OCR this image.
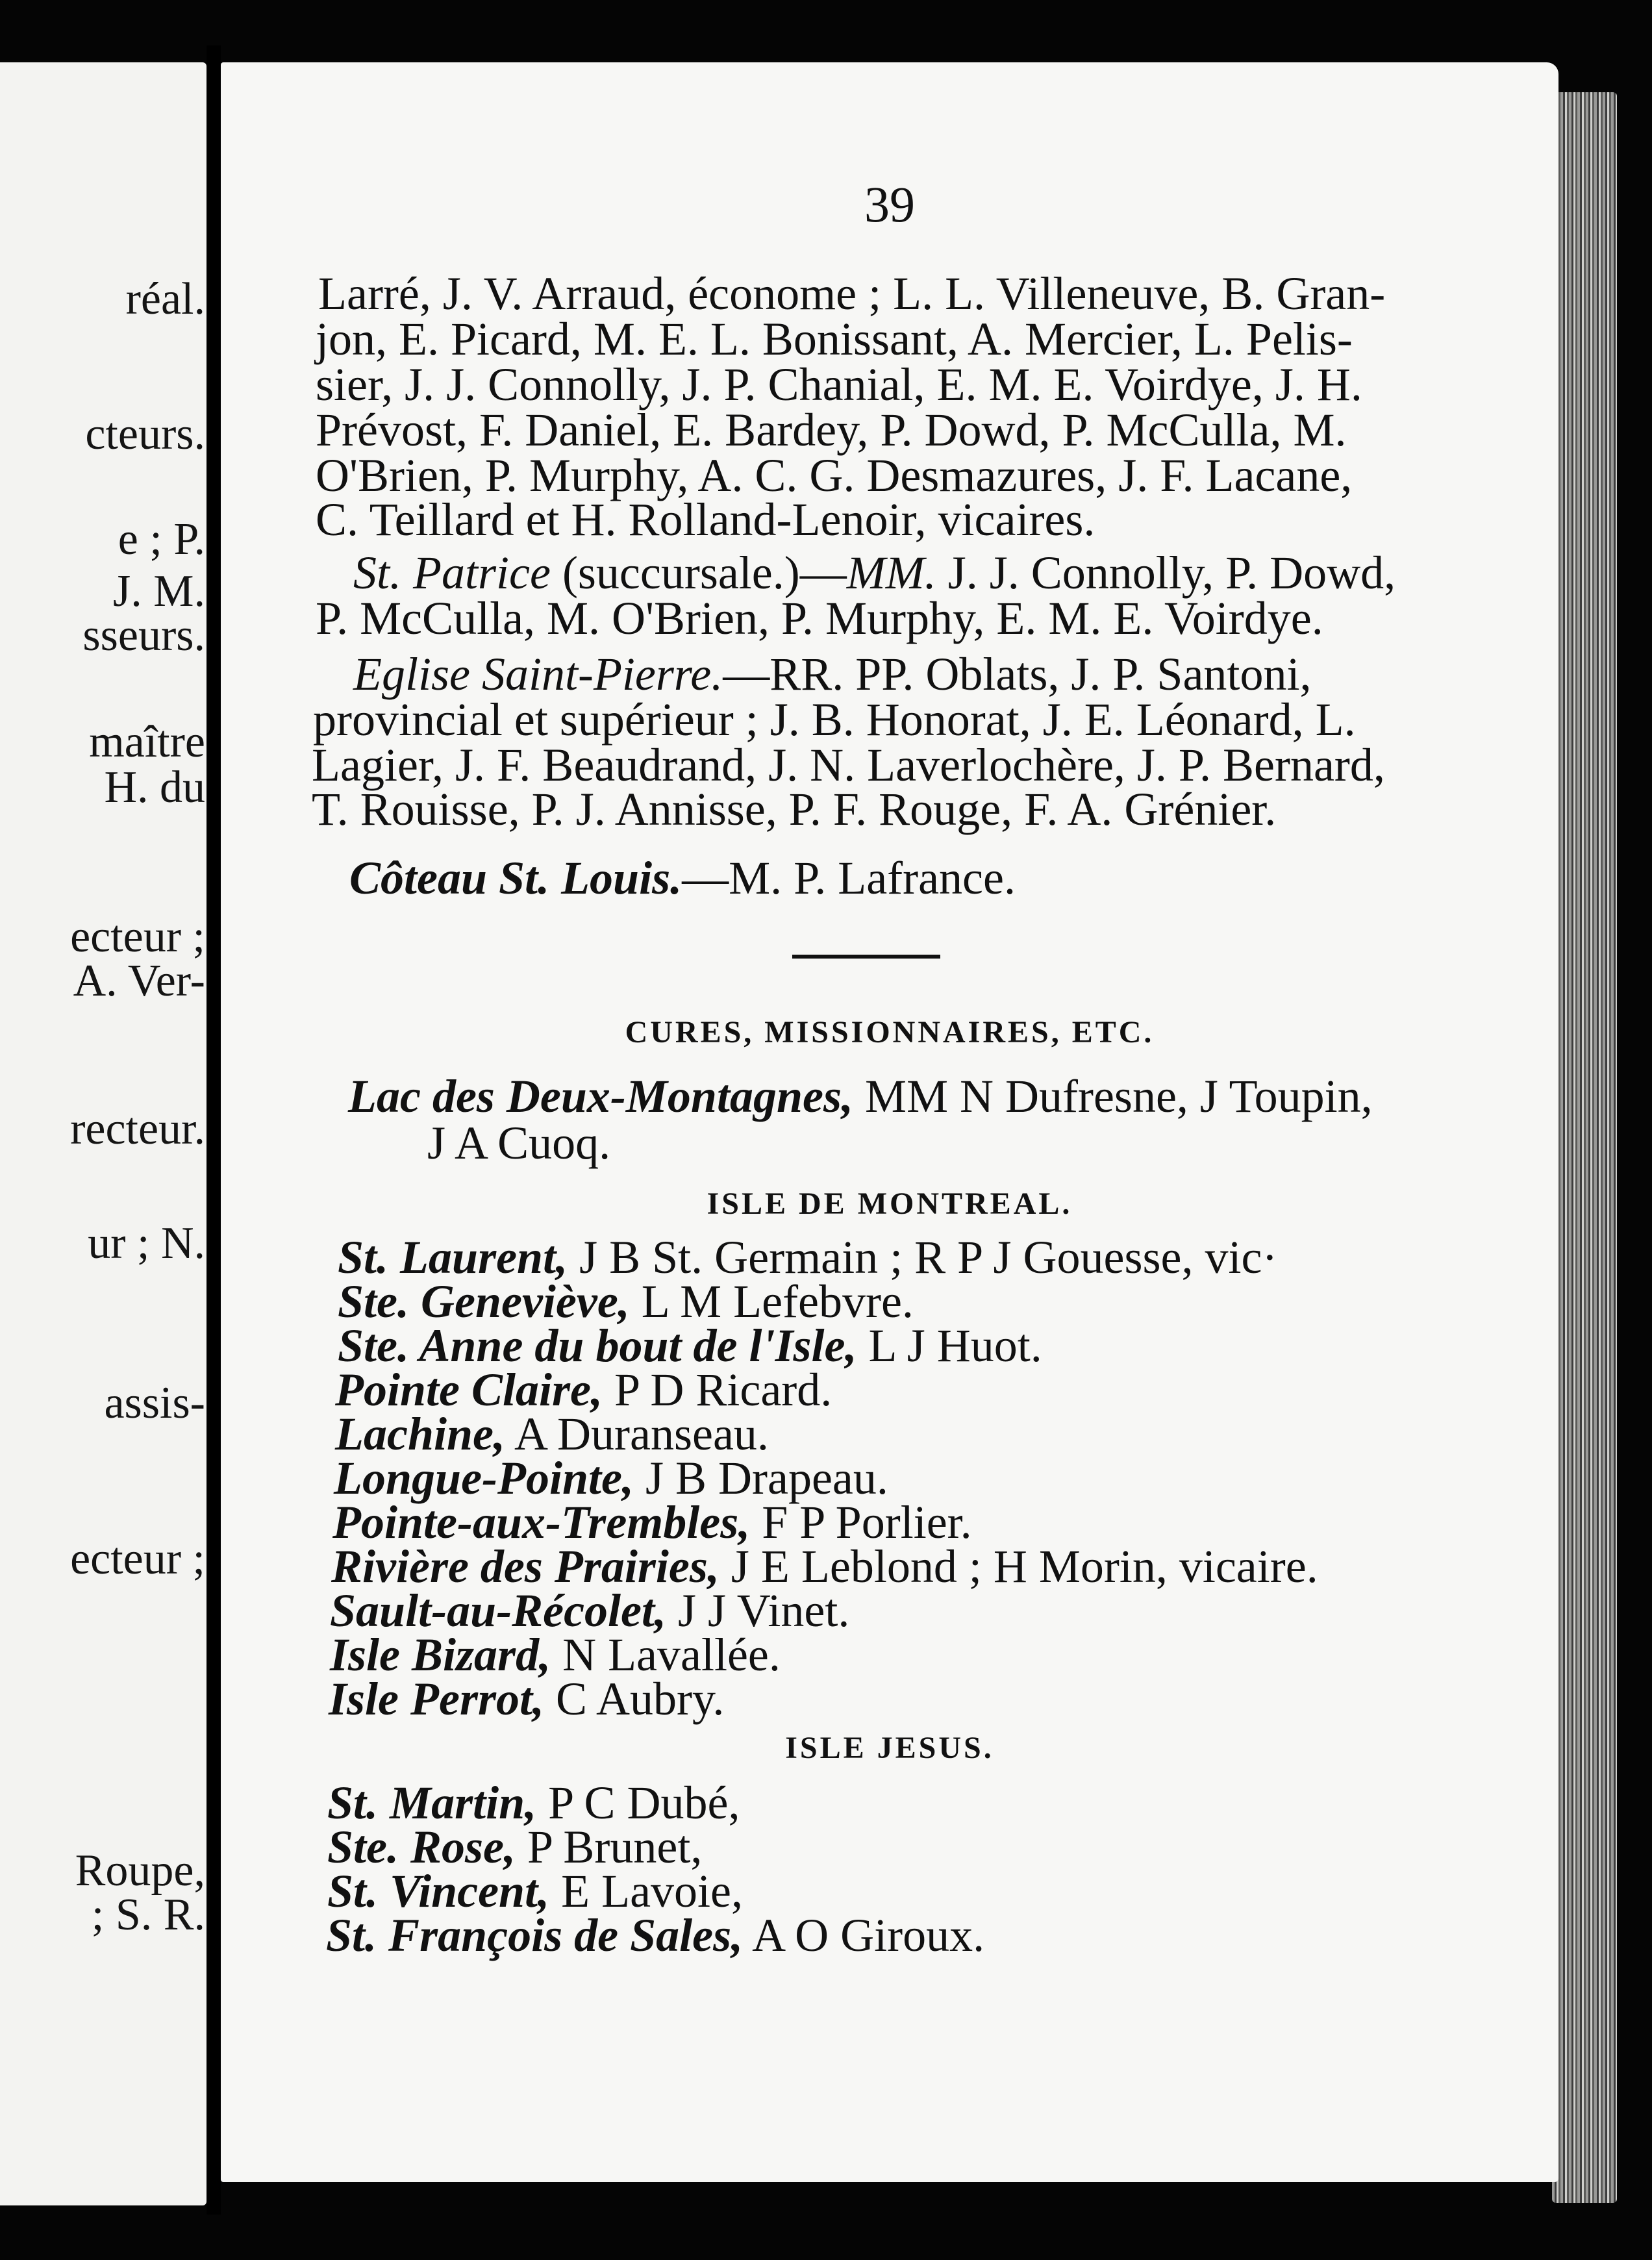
réal.
cteurs.
e ; P.
J. M.
sseurs.
maître
H. du
ecteur ;
A. Ver-
recteur.
ur ; N.
assis-
ecteur ;
Roupe,
; S. R.
39
Larré, J. V. Arraud, économe ; L. L. Villeneuve, B. Gran-
jon, E. Picard, M. E. L. Bonissant, A. Mercier, L. Pelis-
sier, J. J. Connolly, J. P. Chanial, E. M. E. Voirdye, J. H.
Prévost, F. Daniel, E. Bardey, P. Dowd, P. McCulla, M.
O'Brien, P. Murphy, A. C. G. Desmazures, J. F. Lacane,
C. Teillard et H. Rolland-Lenoir, vicaires.
St. Patrice (succursale.)—MM. J. J. Connolly, P. Dowd,
P. McCulla, M. O'Brien, P. Murphy, E. M. E. Voirdye.
Eglise Saint-Pierre.—RR. PP. Oblats, J. P. Santoni,
provincial et supérieur ; J. B. Honorat, J. E. Léonard, L.
Lagier, J. F. Beaudrand, J. N. Laverlochère, J. P. Bernard,
T. Rouisse, P. J. Annisse, P. F. Rouge, F. A. Grénier.
Côteau St. Louis.—M. P. Lafrance.
CURES, MISSIONNAIRES, ETC.
Lac des Deux-Montagnes, MM N Dufresne, J Toupin,
J A Cuoq.
ISLE DE MONTREAL.
St. Laurent, J B St. Germain ; R P J Gouesse, vic·
Ste. Geneviève, L M Lefebvre.
Ste. Anne du bout de l'Isle, L J Huot.
Pointe Claire, P D Ricard.
Lachine, A Duranseau.
Longue-Pointe, J B Drapeau.
Pointe-aux-Trembles, F P Porlier.
Rivière des Prairies, J E Leblond ; H Morin, vicaire.
Sault-au-Récolet, J J Vinet.
Isle Bizard, N Lavallée.
Isle Perrot, C Aubry.
ISLE JESUS.
St. Martin, P C Dubé,
Ste. Rose, P Brunet,
St. Vincent, E Lavoie,
St. François de Sales, A O Giroux.
